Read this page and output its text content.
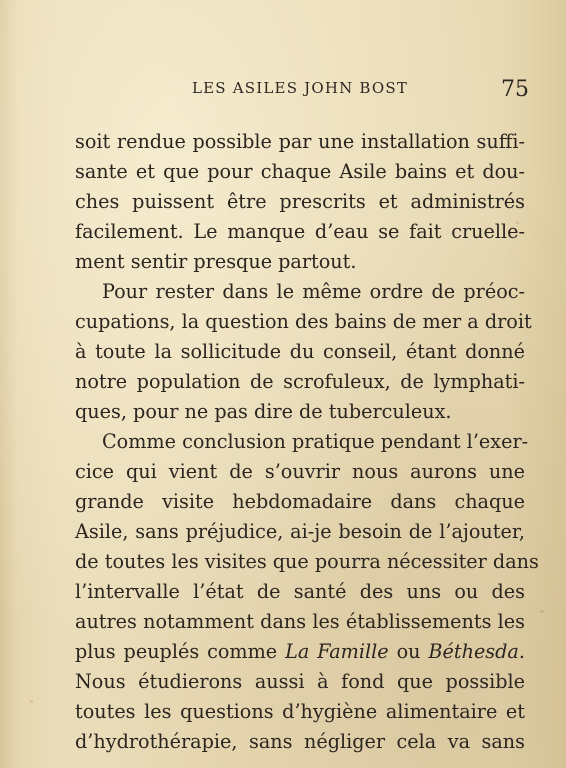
LES ASILES JOHN BOST	75
soit rendue possible par une installation suffi-
sante et que pour chaque Asile bains et dou-
ches puissent être prescrits et administrés
facilement. Le manque d’eau se fait cruelle-
ment sentir presque partout.
Pour rester dans le même ordre de préoc-
cupations, la question des bains de mer a droit
à toute la sollicitude du conseil, étant donné
notre population de scrofuleux, de lymphati-
ques, pour ne pas dire de tuberculeux.
Comme conclusion pratique pendant l’exer-
cice qui vient de s’ouvrir nous aurons une
grande visite hebdomadaire dans chaque
Asile, sans préjudice, ai-je besoin de l’ajouter,
de toutes les visites que pourra nécessiter dans
l’intervalle l’état de santé des uns ou des
autres notamment dans les établissements les
plus peuplés comme La Famille ou Béthesda.
Nous étudierons aussi à fond que possible
toutes les questions d’hygiène alimentaire et
d’hydrothérapie, sans négliger cela va sans
